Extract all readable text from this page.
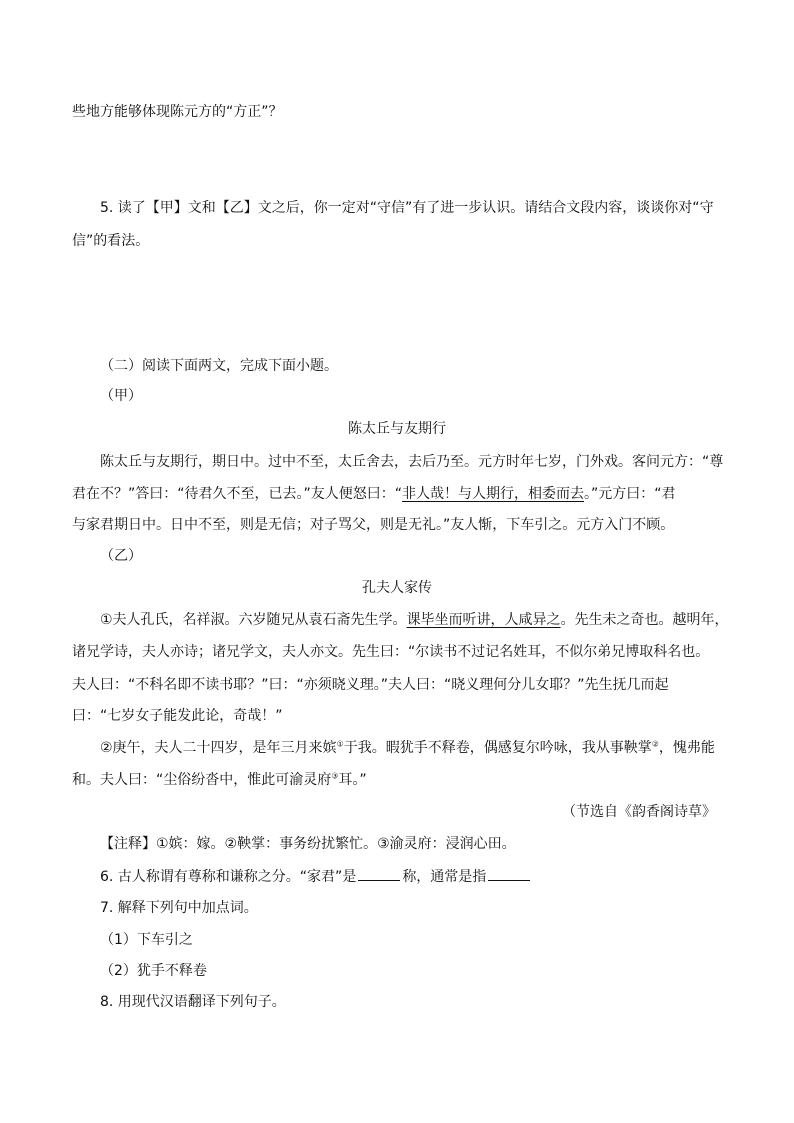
些地方能够体现陈元方的“方正”？
5. 读了【甲】文和【乙】文之后，你一定对“守信”有了进一步认识。请结合文段内容，谈谈你对“守
信”的看法。
（二）阅读下面两文，完成下面小题。
（甲）
陈太丘与友期行
陈太丘与友期行，期日中。过中不至，太丘舍去，去后乃至。元方时年七岁，门外戏。客问元方：“尊
君在不？”答曰：“待君久不至，已去。”友人便怒曰：“非人哉！与人期行，相委而去。”元方曰：“君
与家君期日中。日中不至，则是无信；对子骂父，则是无礼。”友人惭，下车引之。元方入门不顾。
（乙）
孔夫人家传
①夫人孔氏，名祥淑。六岁随兄从袁石斋先生学。课毕坐而听讲，人咸异之。先生未之奇也。越明年，
诸兄学诗，夫人亦诗；诸兄学文，夫人亦文。先生曰：“尔读书不过记名姓耳，不似尔弟兄博取科名也。
夫人曰：“不科名即不读书耶？”曰：“亦须晓义理。”夫人曰：“晓义理何分儿女耶？”先生抚几而起
曰：“七岁女子能发此论，奇哉！”
②庚午，夫人二十四岁，是年三月来嫔①于我。暇犹手不释卷，偶感复尔吟咏，我从事鞅掌②，愧弗能
和。夫人曰：“尘俗纷沓中，惟此可渝灵府③耳。”
（节选自《韵香阁诗草》
【注释】①嫔：嫁。②鞅掌：事务纷扰繁忙。③渝灵府：浸润心田。
6. 古人称谓有尊称和谦称之分。“家君”是	称，通常是指
7. 解释下列句中加点词。
（1）下车引之
（2）犹手不释卷
8. 用现代汉语翻译下列句子。
